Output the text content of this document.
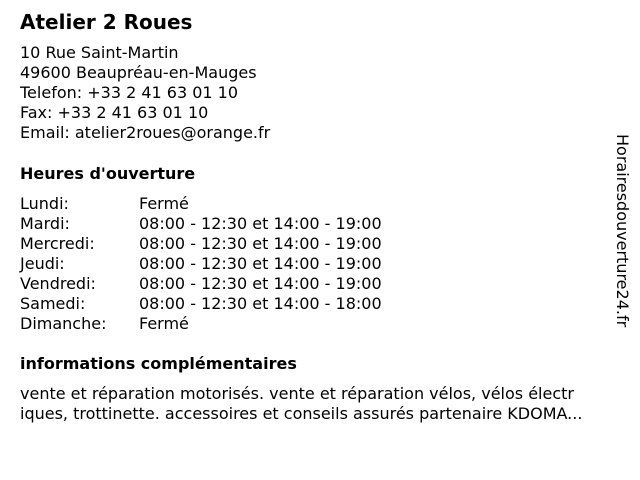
Atelier 2 Roues
10 Rue Saint-Martin
49600 Beaupréau-en-Mauges
Telefon: +33 2 41 63 01 10
Fax: +33 2 41 63 01 10
Email: atelier2roues@orange.fr
Heures d'ouverture
Lundi:	Fermé
Mardi:	08:00 - 12:30 et 14:00 - 19:00
Mercredi:	08:00 - 12:30 et 14:00 - 19:00
Jeudi:	08:00 - 12:30 et 14:00 - 19:00
Vendredi:	08:00 - 12:30 et 14:00 - 19:00
Samedi:	08:00 - 12:30 et 14:00 - 18:00
Dimanche: Fermé
informations complémentaires
vente et réparation motorisés. vente et réparation vélos, vélos électr
iques, trottinette. accessoires et conseils assurés partenaire KDOMA...
Horairesdouverture24.fr
